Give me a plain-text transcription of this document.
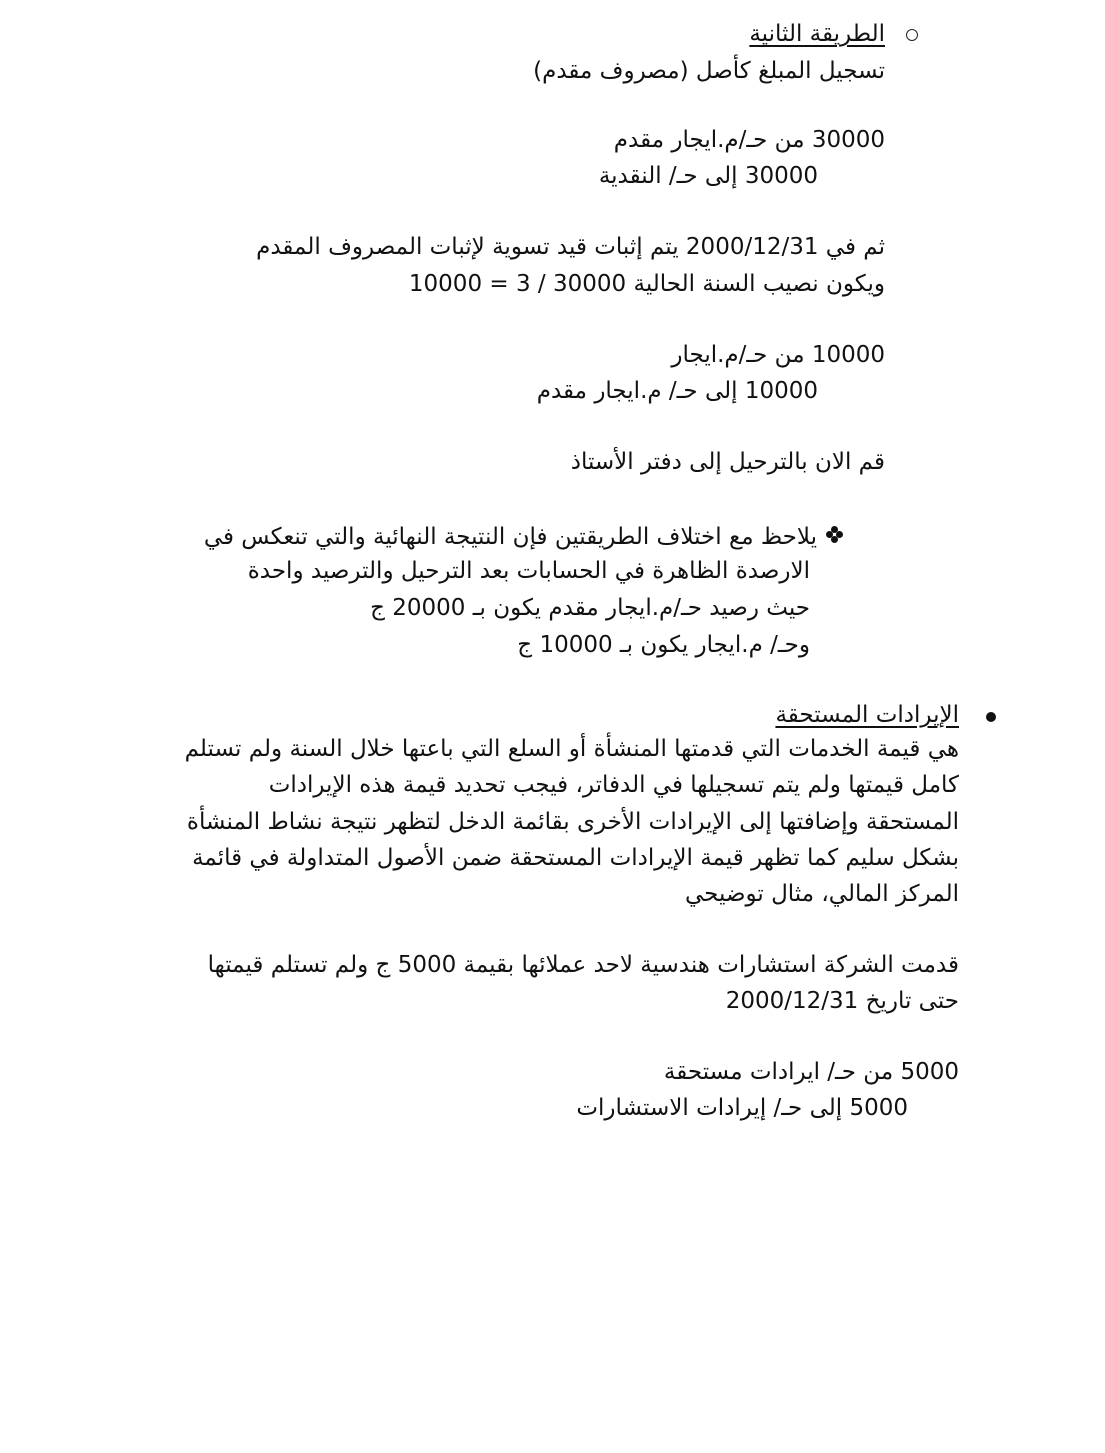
الطريقة الثانية
تسجيل المبلغ كأصل (مصروف مقدم)
30000 من حـ/م.ايجار مقدم
30000 إلى حـ/ النقدية
ثم في 2000/12/31 يتم إثبات قيد تسوية لإثبات المصروف المقدم
ويكون نصيب السنة الحالية 30000 / 3 = 10000
10000 من حـ/م.ايجار
10000 إلى حـ/ م.ايجار مقدم
قم الان بالترحيل إلى دفتر الأستاذ
يلاحظ مع اختلاف الطريقتين فإن النتيجة النهائية والتي تنعكس في
الارصدة الظاهرة في الحسابات بعد الترحيل والترصيد واحدة
حيث رصيد حـ/م.ايجار مقدم يكون بـ 20000 ج
وحـ/ م.ايجار يكون بـ 10000 ج
الإيرادات المستحقة
هي قيمة الخدمات التي قدمتها المنشأة أو السلع التي باعتها خلال السنة ولم تستلم
كامل قيمتها ولم يتم تسجيلها في الدفاتر، فيجب تحديد قيمة هذه الإيرادات
المستحقة وإضافتها إلى الإيرادات الأخرى بقائمة الدخل لتظهر نتيجة نشاط المنشأة
بشكل سليم كما تظهر قيمة الإيرادات المستحقة ضمن الأصول المتداولة في قائمة
المركز المالي، مثال توضيحي
قدمت الشركة استشارات هندسية لاحد عملائها بقيمة 5000 ج ولم تستلم قيمتها
حتى تاريخ 2000/12/31
5000 من حـ/ ايرادات مستحقة
5000 إلى حـ/ إيرادات الاستشارات
